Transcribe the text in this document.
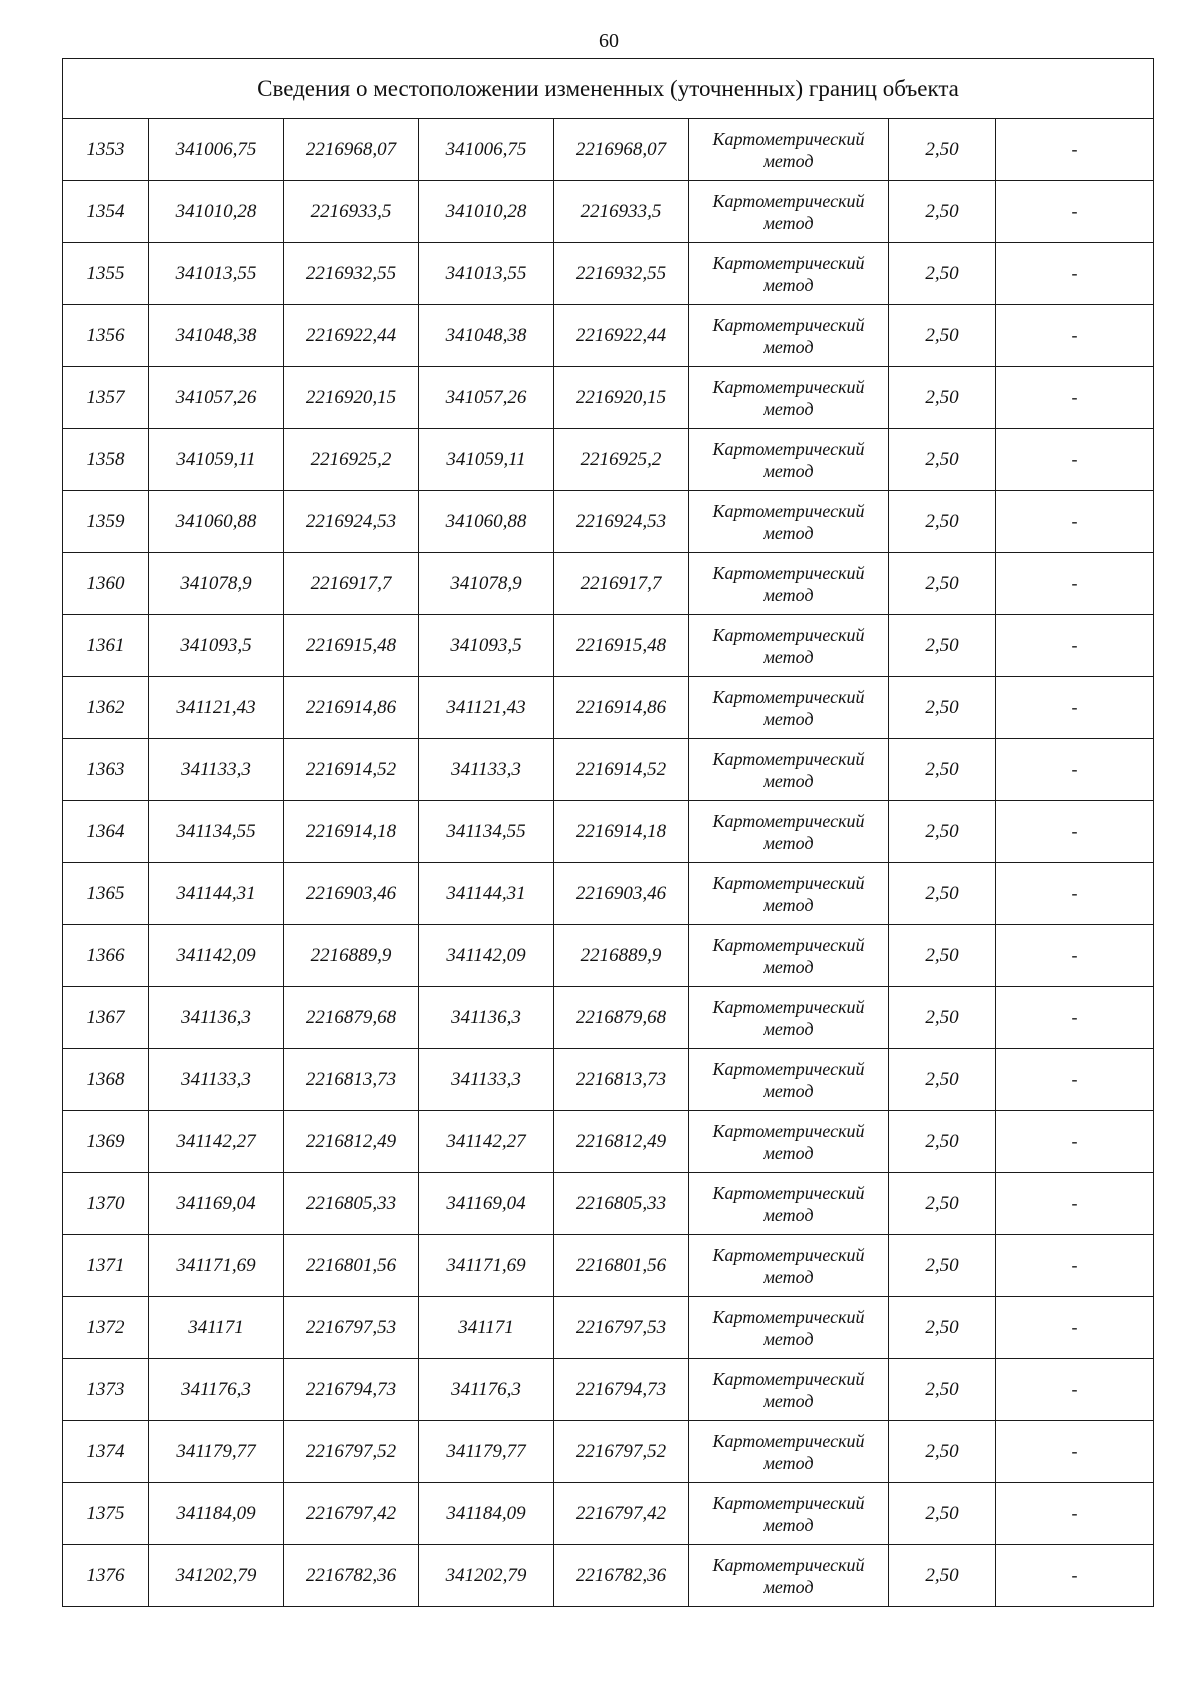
60
Сведения о местоположении измененных (уточненных) границ объекта							
1353	341006,75	2216968,07	341006,75	2216968,07	Картометрический метод	2,50	-
1354	341010,28	2216933,5	341010,28	2216933,5	Картометрический метод	2,50	-
1355	341013,55	2216932,55	341013,55	2216932,55	Картометрический метод	2,50	-
1356	341048,38	2216922,44	341048,38	2216922,44	Картометрический метод	2,50	-
1357	341057,26	2216920,15	341057,26	2216920,15	Картометрический метод	2,50	-
1358	341059,11	2216925,2	341059,11	2216925,2	Картометрический метод	2,50	-
1359	341060,88	2216924,53	341060,88	2216924,53	Картометрический метод	2,50	-
1360	341078,9	2216917,7	341078,9	2216917,7	Картометрический метод	2,50	-
1361	341093,5	2216915,48	341093,5	2216915,48	Картометрический метод	2,50	-
1362	341121,43	2216914,86	341121,43	2216914,86	Картометрический метод	2,50	-
1363	341133,3	2216914,52	341133,3	2216914,52	Картометрический метод	2,50	-
1364	341134,55	2216914,18	341134,55	2216914,18	Картометрический метод	2,50	-
1365	341144,31	2216903,46	341144,31	2216903,46	Картометрический метод	2,50	-
1366	341142,09	2216889,9	341142,09	2216889,9	Картометрический метод	2,50	-
1367	341136,3	2216879,68	341136,3	2216879,68	Картометрический метод	2,50	-
1368	341133,3	2216813,73	341133,3	2216813,73	Картометрический метод	2,50	-
1369	341142,27	2216812,49	341142,27	2216812,49	Картометрический метод	2,50	-
1370	341169,04	2216805,33	341169,04	2216805,33	Картометрический метод	2,50	-
1371	341171,69	2216801,56	341171,69	2216801,56	Картометрический метод	2,50	-
1372	341171	2216797,53	341171	2216797,53	Картометрический метод	2,50	-
1373	341176,3	2216794,73	341176,3	2216794,73	Картометрический метод	2,50	-
1374	341179,77	2216797,52	341179,77	2216797,52	Картометрический метод	2,50	-
1375	341184,09	2216797,42	341184,09	2216797,42	Картометрический метод	2,50	-
1376	341202,79	2216782,36	341202,79	2216782,36	Картометрический метод	2,50	-
